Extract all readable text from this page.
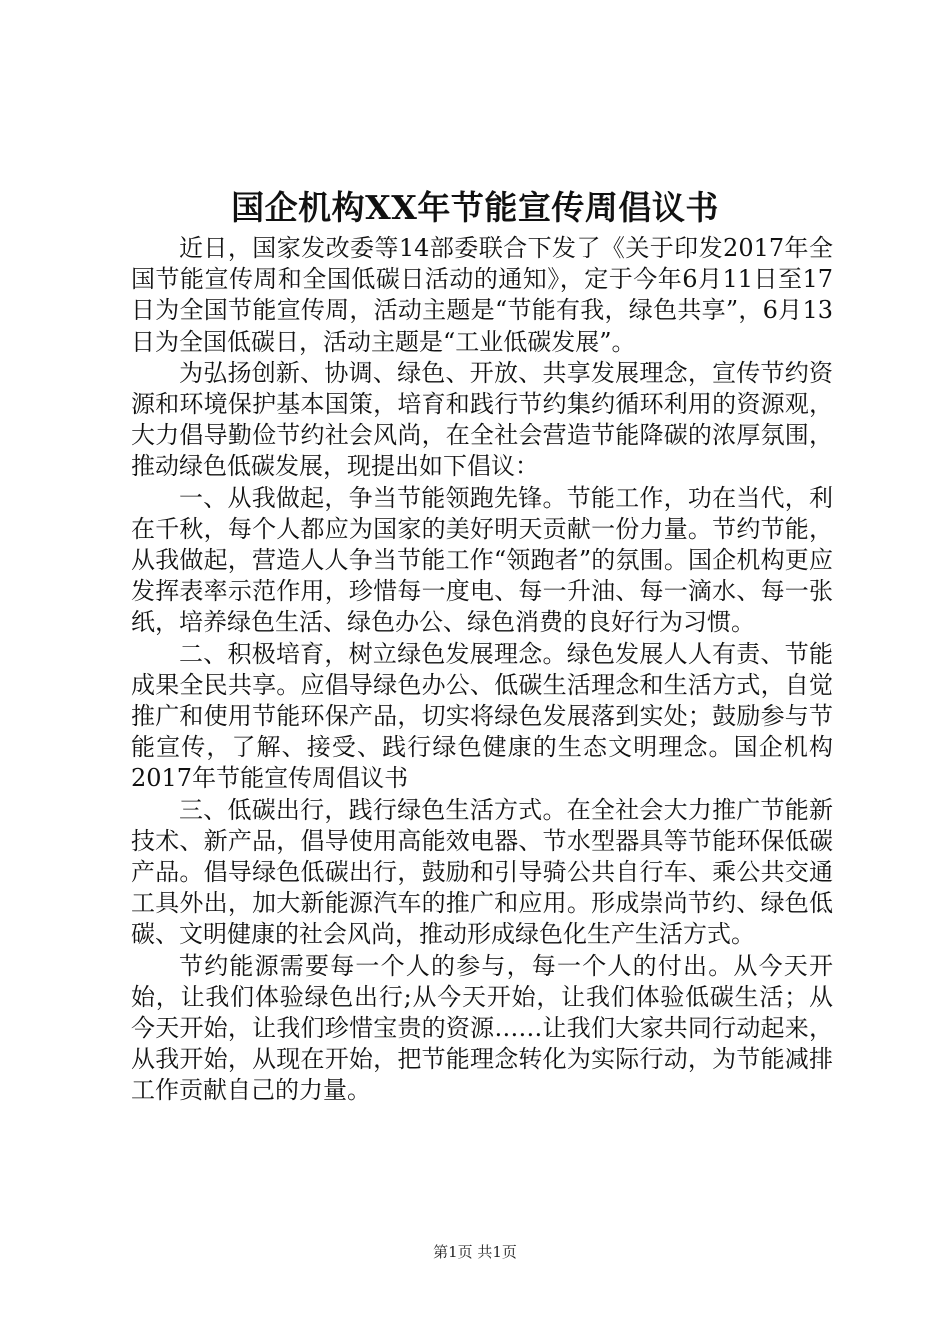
国企机构XX年节能宣传周倡议书

近日，国家发改委等14部委联合下发了《关于印发2017年全国节能宣传周和全国低碳日活动的通知》，定于今年6月11日至17日为全国节能宣传周，活动主题是“节能有我，绿色共享”，6月13日为全国低碳日，活动主题是“工业低碳发展”。

为弘扬创新、协调、绿色、开放、共享发展理念，宣传节约资源和环境保护基本国策，培育和践行节约集约循环利用的资源观，大力倡导勤俭节约社会风尚，在全社会营造节能降碳的浓厚氛围，推动绿色低碳发展，现提出如下倡议：

一、从我做起，争当节能领跑先锋。节能工作，功在当代，利在千秋，每个人都应为国家的美好明天贡献一份力量。节约节能，从我做起，营造人人争当节能工作“领跑者”的氛围。国企机构更应发挥表率示范作用，珍惜每一度电、每一升油、每一滴水、每一张纸，培养绿色生活、绿色办公、绿色消费的良好行为习惯。

二、积极培育，树立绿色发展理念。绿色发展人人有责、节能成果全民共享。应倡导绿色办公、低碳生活理念和生活方式，自觉推广和使用节能环保产品，切实将绿色发展落到实处；鼓励参与节能宣传，了解、接受、践行绿色健康的生态文明理念。国企机构2017年节能宣传周倡议书

三、低碳出行，践行绿色生活方式。在全社会大力推广节能新技术、新产品，倡导使用高能效电器、节水型器具等节能环保低碳产品。倡导绿色低碳出行，鼓励和引导骑公共自行车、乘公共交通工具外出，加大新能源汽车的推广和应用。形成崇尚节约、绿色低碳、文明健康的社会风尚，推动形成绿色化生产生活方式。

节约能源需要每一个人的参与，每一个人的付出。从今天开始，让我们体验绿色出行;从今天开始，让我们体验低碳生活；从今天开始，让我们珍惜宝贵的资源……让我们大家共同行动起来，从我开始，从现在开始，把节能理念转化为实际行动，为节能减排工作贡献自己的力量。

第1页 共1页
